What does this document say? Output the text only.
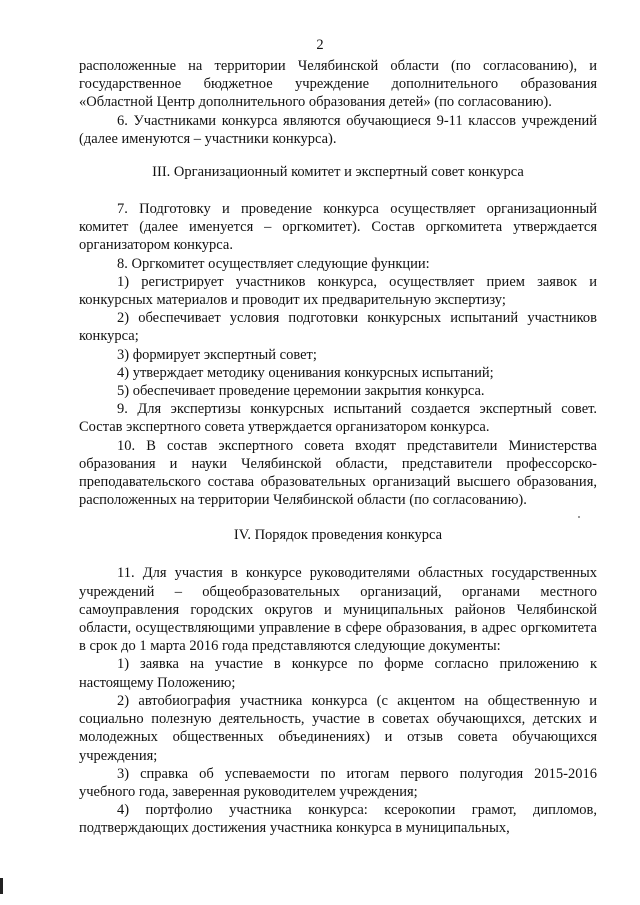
2

расположенные на территории Челябинской области (по согласованию), и государственное бюджетное учреждение дополнительного образования «Областной Центр дополнительного образования детей» (по согласованию).

6. Участниками конкурса являются обучающиеся 9-11 классов учреждений (далее именуются – участники конкурса).

III. Организационный комитет и экспертный совет конкурса

7. Подготовку и проведение конкурса осуществляет организационный комитет (далее именуется – оргкомитет). Состав оргкомитета утверждается организатором конкурса.

8. Оргкомитет осуществляет следующие функции:

1) регистрирует участников конкурса, осуществляет прием заявок и конкурсных материалов и проводит их предварительную экспертизу;

2) обеспечивает условия подготовки конкурсных испытаний участников конкурса;

3) формирует экспертный совет;

4) утверждает методику оценивания конкурсных испытаний;

5) обеспечивает проведение церемонии закрытия конкурса.

9. Для экспертизы конкурсных испытаний создается экспертный совет. Состав экспертного совета утверждается организатором конкурса.

10. В состав экспертного совета входят представители Министерства образования и науки Челябинской области, представители профессорско-преподавательского состава образовательных организаций высшего образования, расположенных на территории Челябинской области (по согласованию).

IV. Порядок проведения конкурса

11. Для участия в конкурсе руководителями областных государственных учреждений – общеобразовательных организаций, органами местного самоуправления городских округов и муниципальных районов Челябинской области, осуществляющими управление в сфере образования, в адрес оргкомитета в срок до 1 марта 2016 года представляются следующие документы:

1) заявка на участие в конкурсе по форме согласно приложению к настоящему Положению;

2) автобиография участника конкурса (с акцентом на общественную и социально полезную деятельность, участие в советах обучающихся, детских и молодежных общественных объединениях) и отзыв совета обучающихся учреждения;

3) справка об успеваемости по итогам первого полугодия 2015-2016 учебного года, заверенная руководителем учреждения;

4) портфолио участника конкурса: ксерокопии грамот, дипломов, подтверждающих достижения участника конкурса в муниципальных,
